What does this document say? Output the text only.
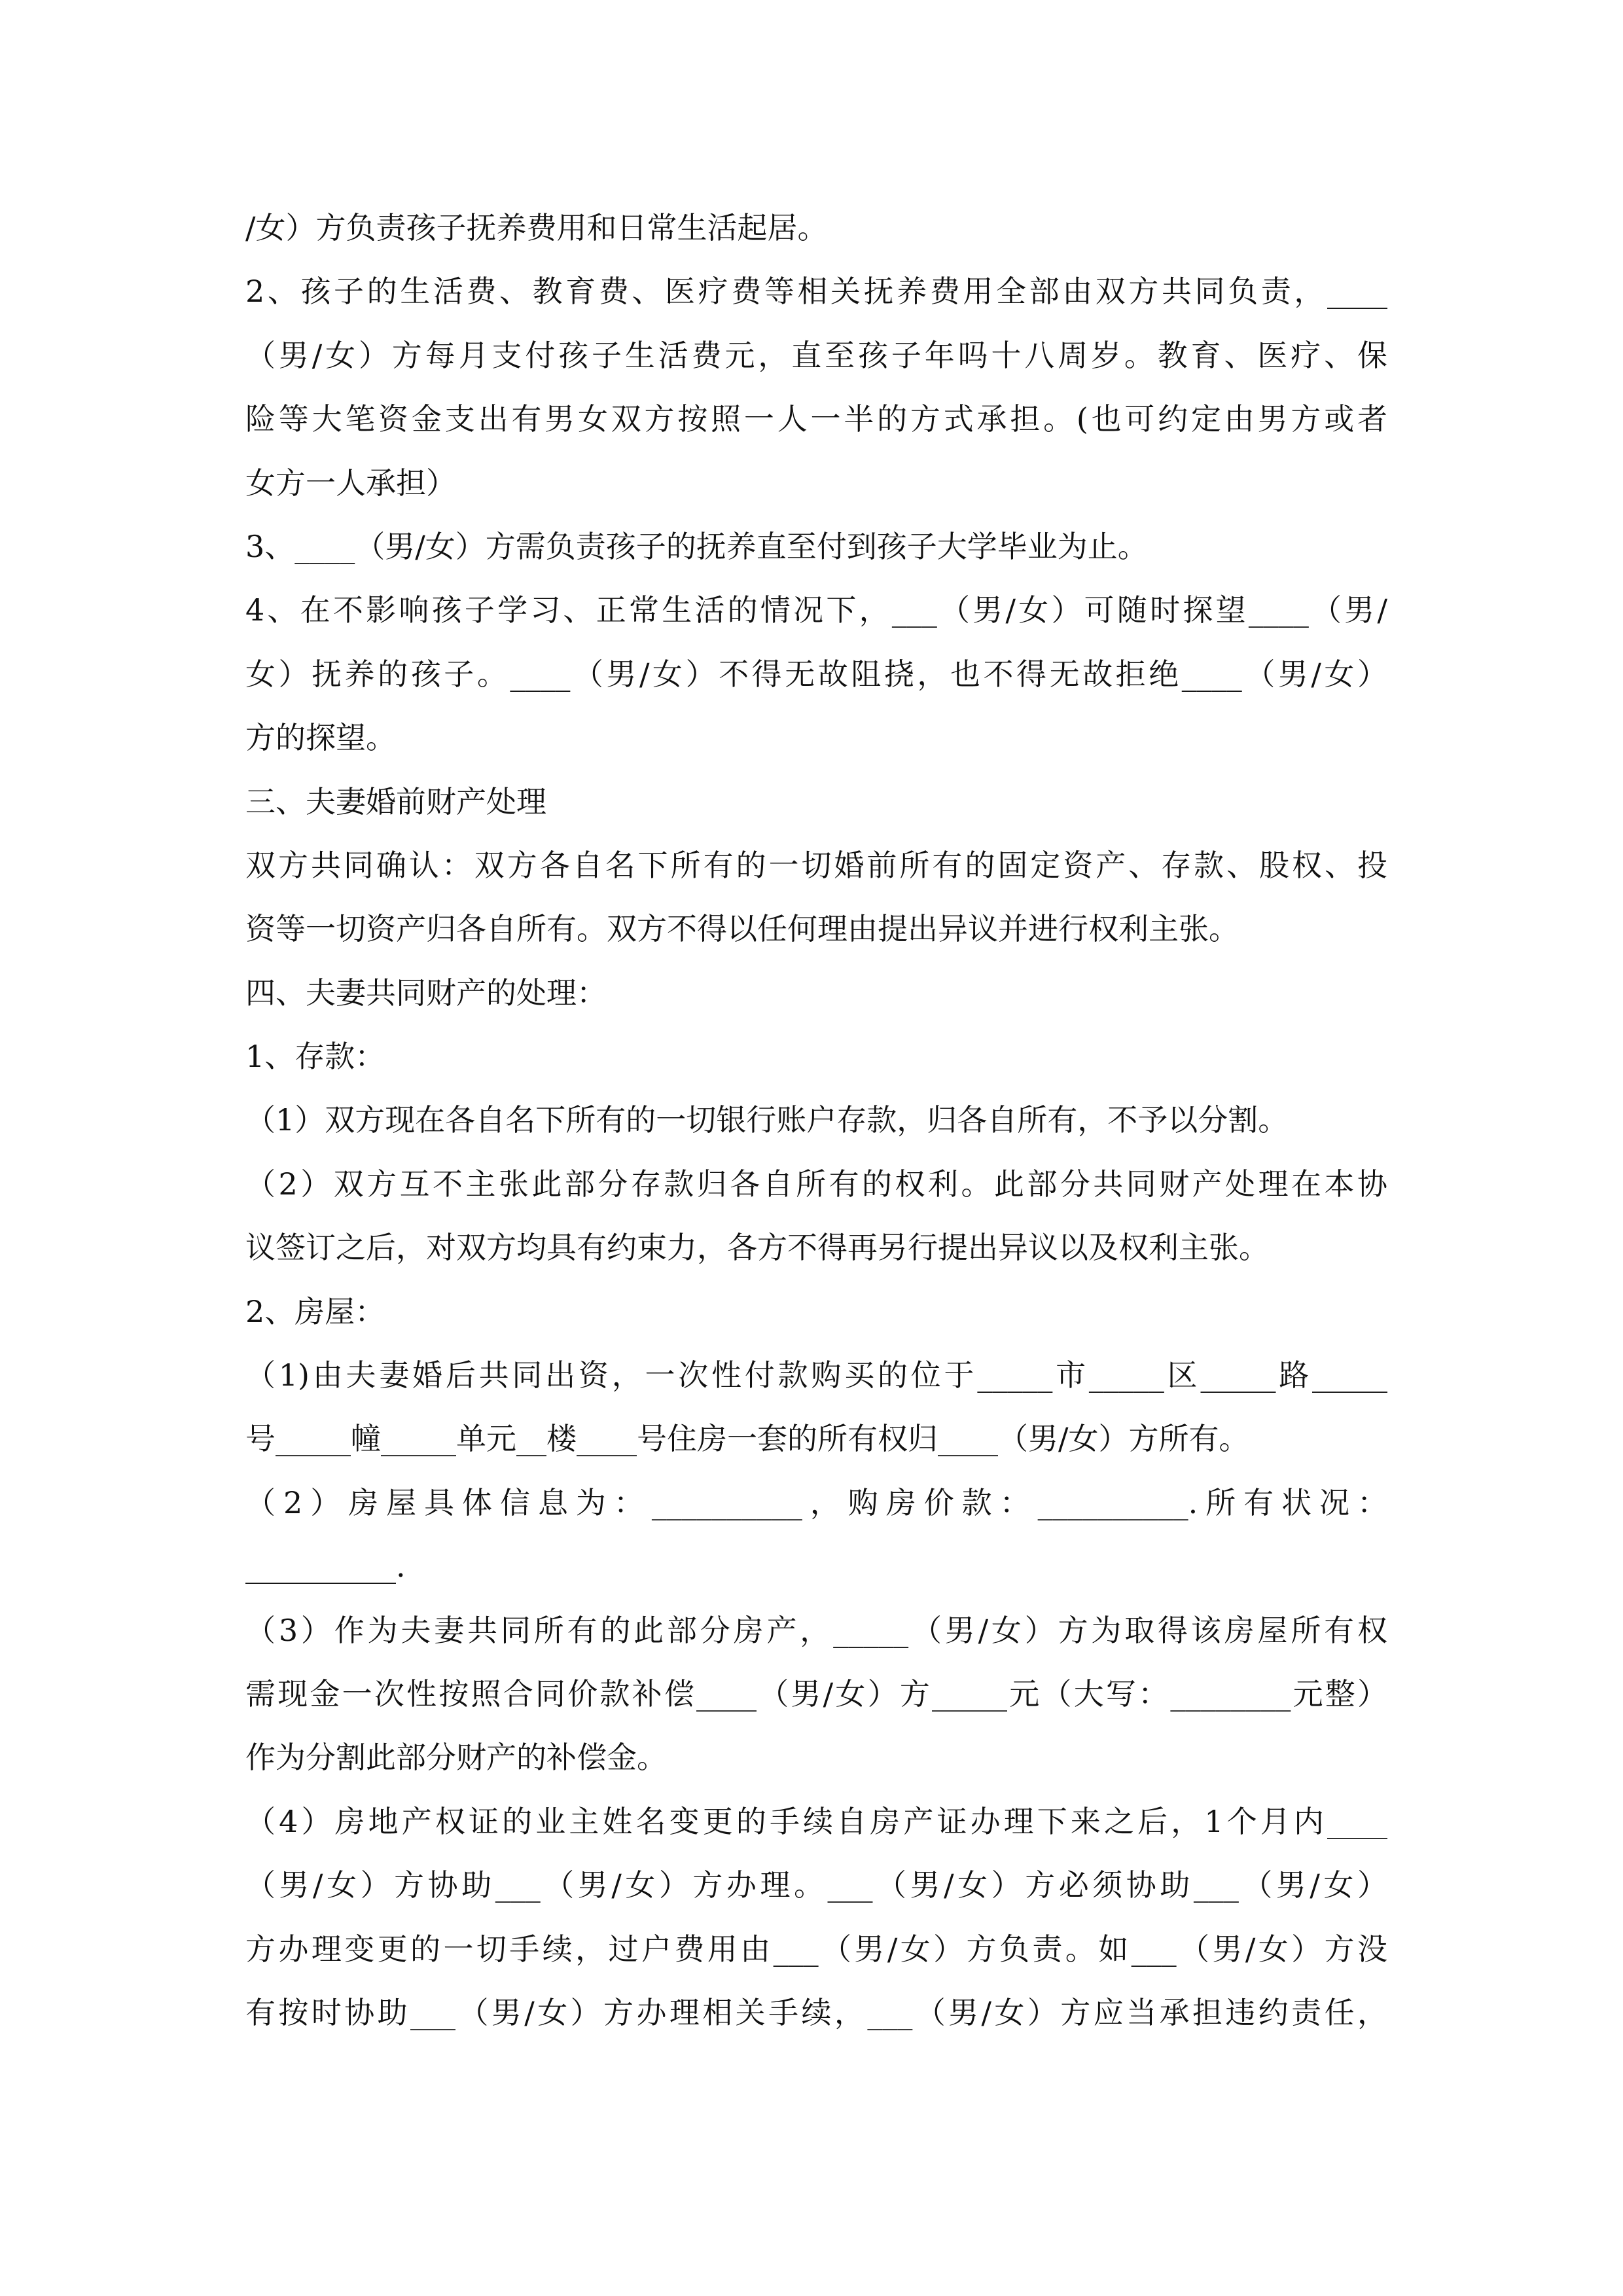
/女）方负责孩子抚养费用和日常生活起居。
2、孩子的生活费、教育费、医疗费等相关抚养费用全部由双方共同负责，____
（男/女）方每月支付孩子生活费元，直至孩子年吗十八周岁。教育、医疗、保
险等大笔资金支出有男女双方按照一人一半的方式承担。(也可约定由男方或者
女方一人承担）
3、____（男/女）方需负责孩子的抚养直至付到孩子大学毕业为止。
4、在不影响孩子学习、正常生活的情况下，___（男/女）可随时探望____（男/
女）抚养的孩子。____（男/女）不得无故阻挠，也不得无故拒绝____（男/女）
方的探望。
三、夫妻婚前财产处理
双方共同确认：双方各自名下所有的一切婚前所有的固定资产、存款、股权、投
资等一切资产归各自所有。双方不得以任何理由提出异议并进行权利主张。
四、夫妻共同财产的处理：
1、存款：
（1）双方现在各自名下所有的一切银行账户存款，归各自所有，不予以分割。
（2）双方互不主张此部分存款归各自所有的权利。此部分共同财产处理在本协
议签订之后，对双方均具有约束力，各方不得再另行提出异议以及权利主张。
2、房屋：
（1)由夫妻婚后共同出资，一次性付款购买的位于_____市_____区_____路_____
号_____幢_____单元__楼____号住房一套的所有权归____（男/女）方所有。
（2）房屋具体信息为：__________，购房价款：__________.所有状况：
__________.
（3）作为夫妻共同所有的此部分房产，_____（男/女）方为取得该房屋所有权
需现金一次性按照合同价款补偿____（男/女）方_____元（大写：________元整）
作为分割此部分财产的补偿金。
（4）房地产权证的业主姓名变更的手续自房产证办理下来之后，1个月内____
（男/女）方协助___（男/女）方办理。___（男/女）方必须协助___（男/女）
方办理变更的一切手续，过户费用由___（男/女）方负责。如___（男/女）方没
有按时协助___（男/女）方办理相关手续，___（男/女）方应当承担违约责任，
